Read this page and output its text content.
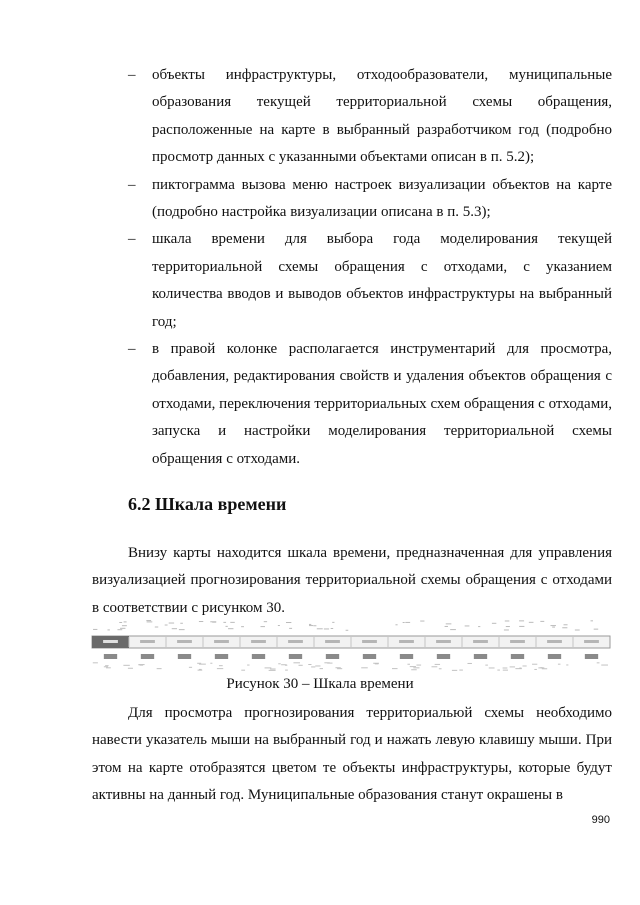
– объекты инфраструктуры, отходообразователи, муниципальные образования текущей территориальной схемы обращения, расположенные на карте в выбранный разработчиком год (подробно просмотр данных с указанными объектами описан в п. 5.2);
– пиктограмма вызова меню настроек визуализации объектов на карте (подробно настройка визуализации описана в п. 5.3);
– шкала времени для выбора года моделирования текущей территориальной схемы обращения с отходами, с указанием количества вводов и выводов объектов инфраструктуры на выбранный год;
– в правой колонке располагается инструментарий для просмотра, добавления, редактирования свойств и удаления объектов обращения с отходами, переключения территориальных схем обращения с отходами, запуска и настройки моделирования территориальной схемы обращения с отходами.
6.2 Шкала времени

Внизу карты находится шкала времени, предназначенная для управления визуализацией прогнозирования территориальной схемы обращения с отходами в соответствии с рисунком 30.

Рисунок 30 – Шкала времени

Для просмотра прогнозирования территориальюй схемы необходимо навести указатель мыши на выбранный год и нажать левую клавишу мыши. При этом на карте отобразятся цветом те объекты инфраструктуры, которые будут активны на данный год. Муниципальные образования станут окрашены в

990
